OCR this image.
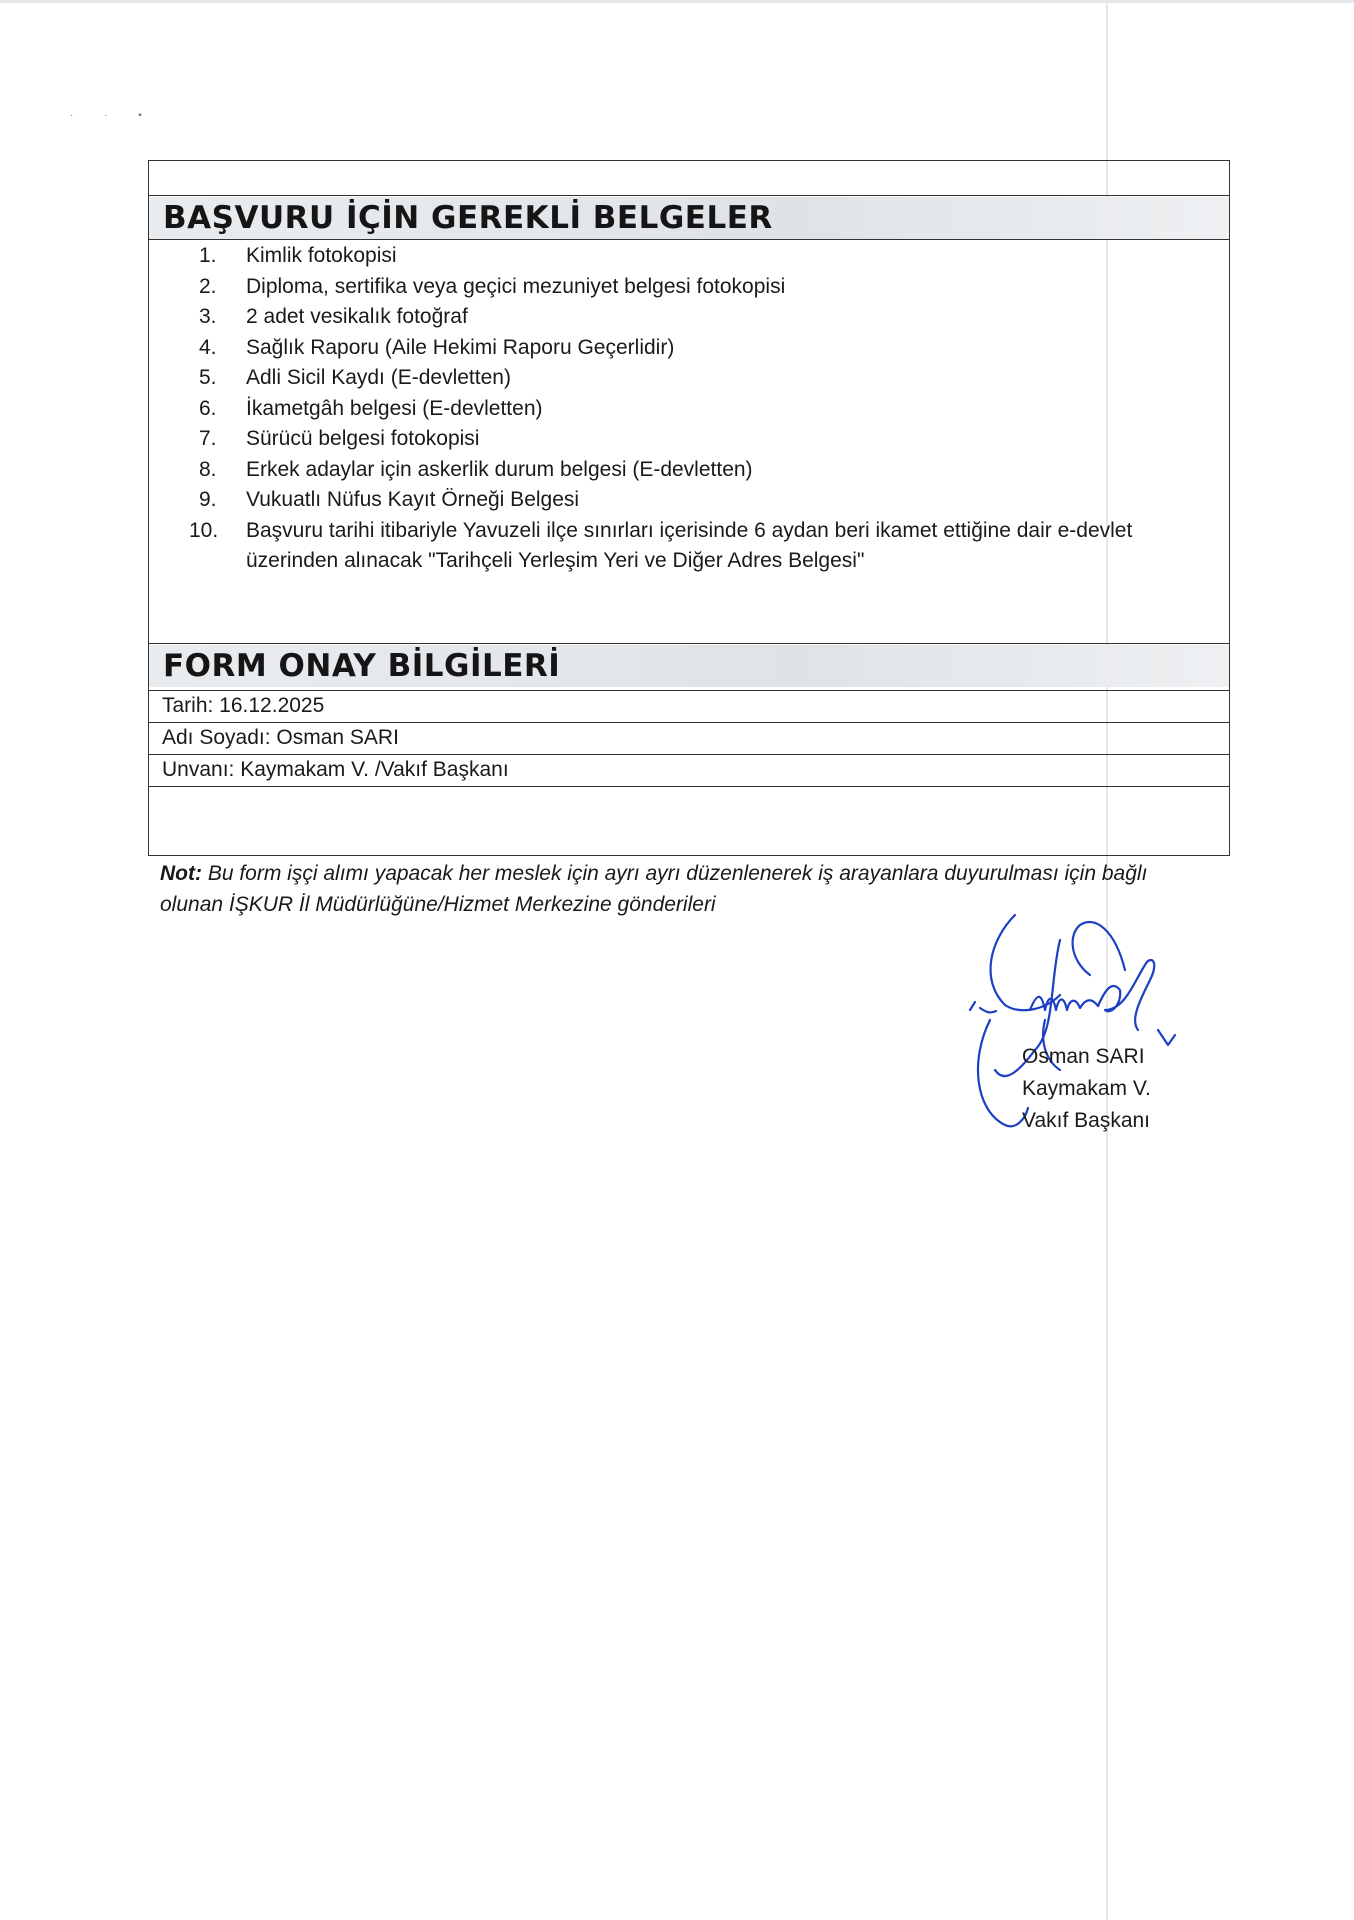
· · ▪
BAŞVURU İÇİN GEREKLİ BELGELER
1.	Kimlik fotokopisi
2.	Diploma, sertifika veya geçici mezuniyet belgesi fotokopisi
3.	2 adet vesikalık fotoğraf
4.	Sağlık Raporu (Aile Hekimi Raporu Geçerlidir)
5.	Adli Sicil Kaydı (E-devletten)
6.	İkametgâh belgesi (E-devletten)
7.	Sürücü belgesi fotokopisi
8.	Erkek adaylar için askerlik durum belgesi (E-devletten)
9.	Vukuatlı Nüfus Kayıt Örneği Belgesi
10.	Başvuru tarihi itibariyle Yavuzeli ilçe sınırları içerisinde 6 aydan beri ikamet ettiğine dair e-devlet üzerinden alınacak "Tarihçeli Yerleşim Yeri ve Diğer Adres Belgesi"
FORM ONAY BİLGİLERİ
Tarih: 16.12.2025
Adı Soyadı: Osman SARI
Unvanı: Kaymakam V. /Vakıf Başkanı
Not: Bu form işçi alımı yapacak her meslek için ayrı ayrı düzenlenerek iş arayanlara duyurulması için bağlı olunan İŞKUR İl Müdürlüğüne/Hizmet Merkezine gönderileri
Osman SARI
Kaymakam V.
Vakıf Başkanı
